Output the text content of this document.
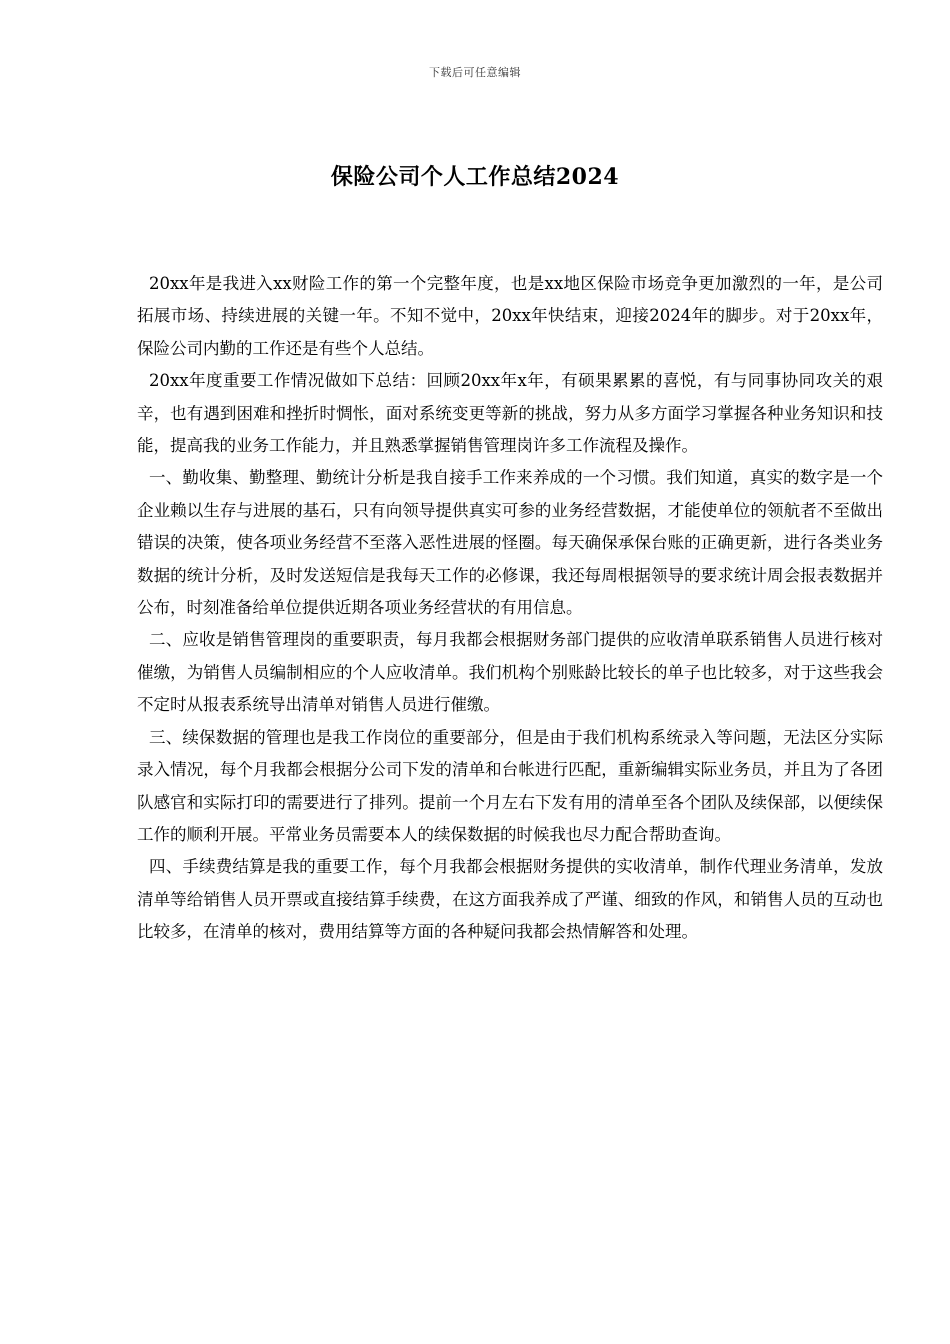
下载后可任意编辑
保险公司个人工作总结2024

20xx年是我进入xx财险工作的第一个完整年度，也是xx地区保险市场竞争更加激烈的一年，是公司拓展市场、持续进展的关键一年。不知不觉中，20xx年快结束，迎接2024年的脚步。对于20xx年，保险公司内勤的工作还是有些个人总结。

20xx年度重要工作情况做如下总结：回顾20xx年x年，有硕果累累的喜悦，有与同事协同攻关的艰辛，也有遇到困难和挫折时惆怅，面对系统变更等新的挑战，努力从多方面学习掌握各种业务知识和技能，提高我的业务工作能力，并且熟悉掌握销售管理岗许多工作流程及操作。

一、勤收集、勤整理、勤统计分析是我自接手工作来养成的一个习惯。我们知道，真实的数字是一个企业赖以生存与进展的基石，只有向领导提供真实可参的业务经营数据，才能使单位的领航者不至做出错误的决策，使各项业务经营不至落入恶性进展的怪圈。每天确保承保台账的正确更新，进行各类业务数据的统计分析，及时发送短信是我每天工作的必修课，我还每周根据领导的要求统计周会报表数据并公布，时刻准备给单位提供近期各项业务经营状的有用信息。

二、应收是销售管理岗的重要职责，每月我都会根据财务部门提供的应收清单联系销售人员进行核对催缴，为销售人员编制相应的个人应收清单。我们机构个别账龄比较长的单子也比较多，对于这些我会不定时从报表系统导出清单对销售人员进行催缴。

三、续保数据的管理也是我工作岗位的重要部分，但是由于我们机构系统录入等问题，无法区分实际录入情况，每个月我都会根据分公司下发的清单和台帐进行匹配，重新编辑实际业务员，并且为了各团队感官和实际打印的需要进行了排列。提前一个月左右下发有用的清单至各个团队及续保部，以便续保工作的顺利开展。平常业务员需要本人的续保数据的时候我也尽力配合帮助查询。

四、手续费结算是我的重要工作，每个月我都会根据财务提供的实收清单，制作代理业务清单，发放清单等给销售人员开票或直接结算手续费，在这方面我养成了严谨、细致的作风，和销售人员的互动也比较多，在清单的核对，费用结算等方面的各种疑问我都会热情解答和处理。
